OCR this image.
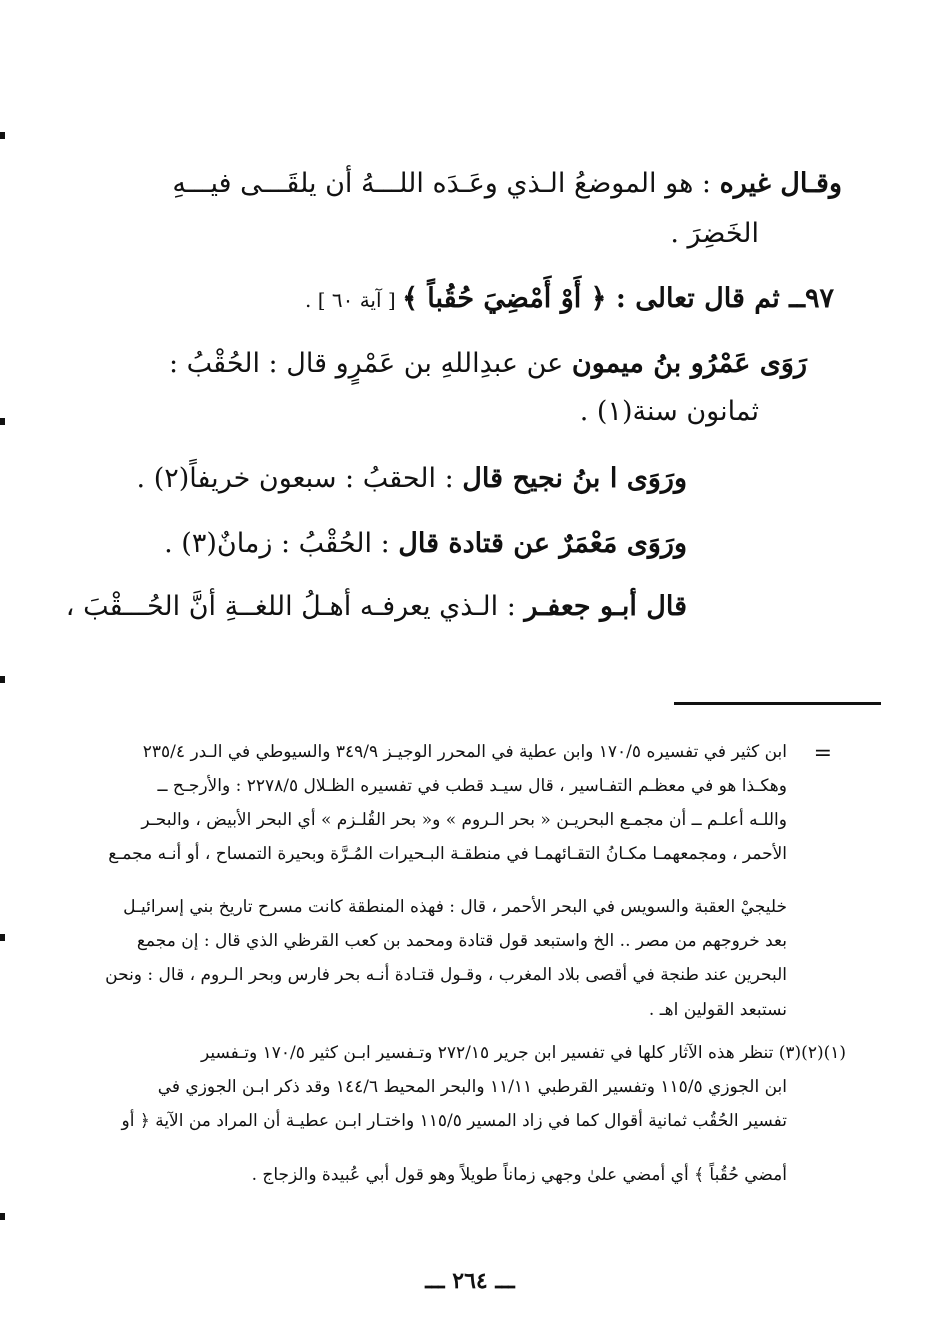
وقـال غيره : هو الموضعُ الـذي وعَـدَه اللـــهُ أن يلقَـــى فيـــهِ
الخَضِرَ .
٩٧ــ ثم قال تعالى : ﴿ أَوْ أَمْضِيَ حُقُباً ﴾ [ آية ٦٠ ] .
رَوَى عَمْرُو بنُ ميمون عن عبدِاللهِ بن عَمْرٍو قال : الحُقْبُ :
ثمانون سنة(١) .
ورَوَى ا بنُ نجيح قال : الحقبُ : سبعون خريفاً(٢) .
ورَوَى مَعْمَرٌ عن قتادة قال : الحُقْبُ : زمانٌ(٣) .
قال أبـو جعفـر : الـذي يعرفـه أهـلُ اللغــةِ أنَّ الحُـــقْبَ ،
=
ابن كثير في تفسيره ١٧٠/٥ وابن عطية في المحرر الوجيـز ٣٤٩/٩ والسيوطي في الـدر ٢٣٥/٤
وهكـذا هو في معظـم التفـاسير ، قال سيـد قطب في تفسيره الظـلال ٢٢٧٨/٥ : والأرجـح ــ
واللـه أعلـم ــ أن مجمـع البحريـن « بحر الـروم » و« بحر القُلـزم » أي البحر الأبيض ، والبحـر
الأحمر ، ومجمعهمـا مكـانُ التقـائهمـا في منطقـة البـحيرات المُـرَّة وبحيرة التمساح ، أو أنـه مجمـع
خليجيْ العقبة والسويس في البحر الأحمر ، قال : فهذه المنطقة كانت مسرح تاريخ بني إسرائيـل
بعد خروجهم من مصر .. الخ واستبعد قول قتادة ومحمد بن كعب القرظي الذي قال : إن مجمع
البحرين عند طنجة في أقصى بلاد المغرب ، وقـول قتـادة أنـه بحر فارس وبحر الـروم ، قال : ونحن
نستبعد القولين اهـ .
(١)(٢)(٣) تنظر هذه الآثار كلها في تفسير ابن جرير ٢٧٢/١٥ وتـفسير ابـن كثير ١٧٠/٥ وتـفسير
ابن الجوزي ١١٥/٥ وتفسير القرطبي ١١/١١ والبحر المحيط ١٤٤/٦ وقد ذكر ابـن الجوزي في
تفسير الحُقُب ثمانية أقوال كما في زاد المسير ١١٥/٥ واختـار ابـن عطيـة أن المراد من الآية ﴿ أو
أمضي حُقُباً ﴾ أي أمضي علىٰ وجهي زماناً طويلاً وهو قول أبي عُبيدة والزجاج .
ـــ ٢٦٤ ـــ
